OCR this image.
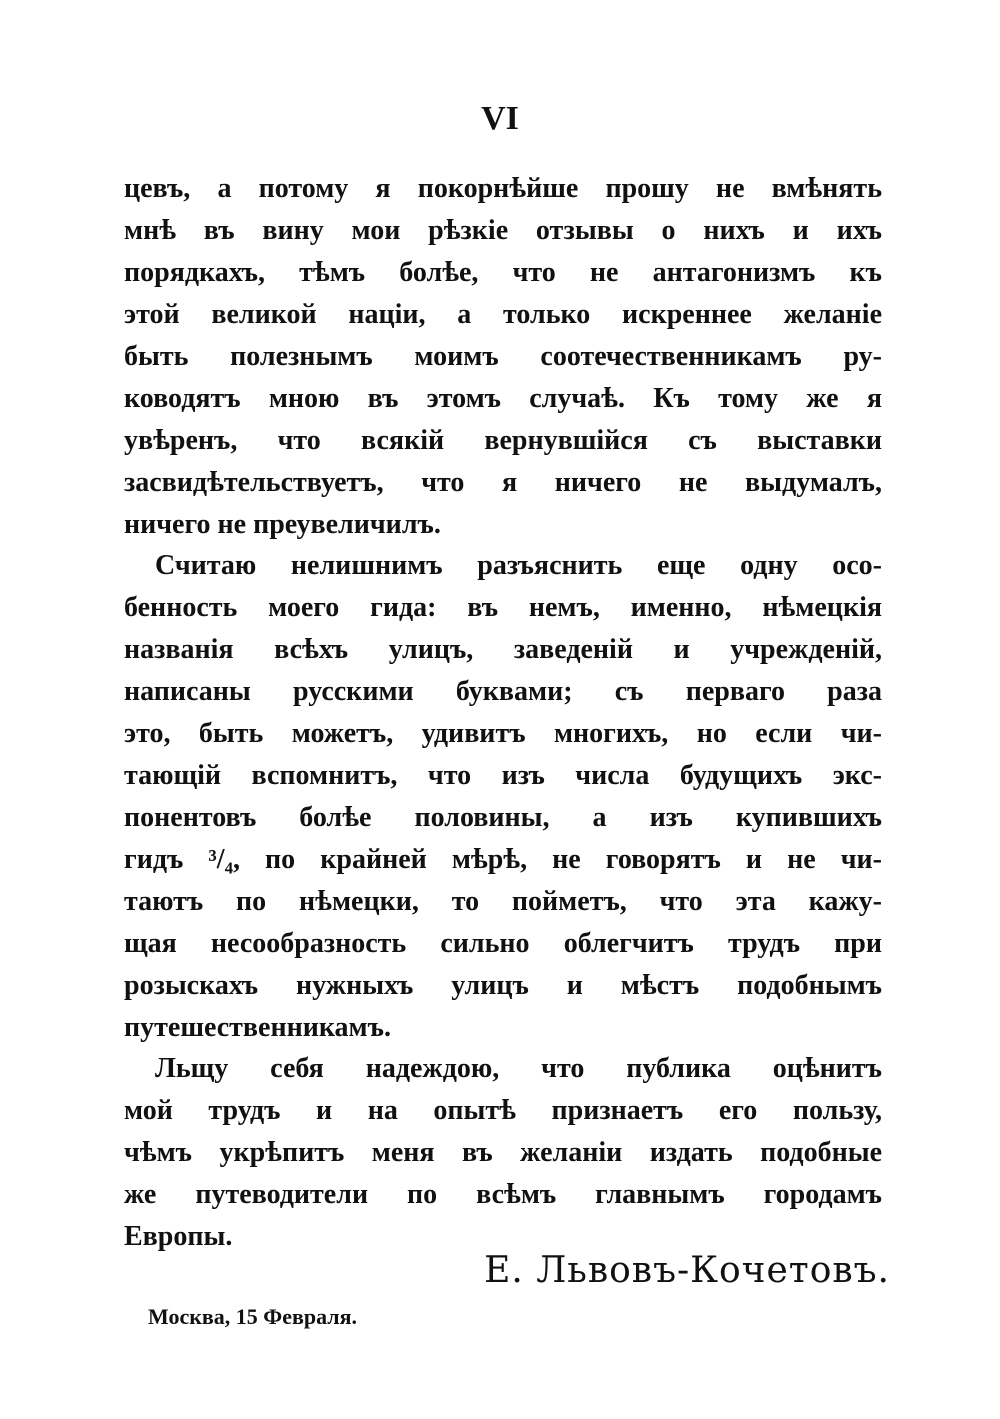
VI
цевъ, а потому я покорнѣйше прошу не вмѣнять
мнѣ въ вину мои рѣзкіе отзывы о нихъ и ихъ
порядкахъ, тѣмъ болѣе, что не антагонизмъ къ
этой великой націи, а только искреннее желаніе
быть полезнымъ моимъ соотечественникамъ ру-
ководятъ мною въ этомъ случаѣ. Къ тому же я
увѣренъ, что всякій вернувшійся съ выставки
засвидѣтельствуетъ, что я ничего не выдумалъ,
ничего не преувеличилъ.
Считаю нелишнимъ разъяснить еще одну осо-
бенность моего гида: въ немъ, именно, нѣмецкія
названія всѣхъ улицъ, заведеній и учрежденій,
написаны русскими буквами; съ перваго раза
это, быть можетъ, удивитъ многихъ, но если чи-
тающій вспомнитъ, что изъ числа будущихъ экс-
понентовъ болѣе половины, а изъ купившихъ
гидъ ³/₄, по крайней мѣрѣ, не говорятъ и не чи-
таютъ по нѣмецки, то пойметъ, что эта кажу-
щая несообразность сильно облегчитъ трудъ при
розыскахъ нужныхъ улицъ и мѣстъ подобнымъ
путешественникамъ.
Льщу себя надеждою, что публика оцѣнитъ
мой трудъ и на опытѣ признаетъ его пользу,
чѣмъ укрѣпитъ меня въ желаніи издать подобные
же путеводители по всѣмъ главнымъ городамъ
Европы.
Е. Львовъ-Кочетовъ.
Москва, 15 Февраля.
